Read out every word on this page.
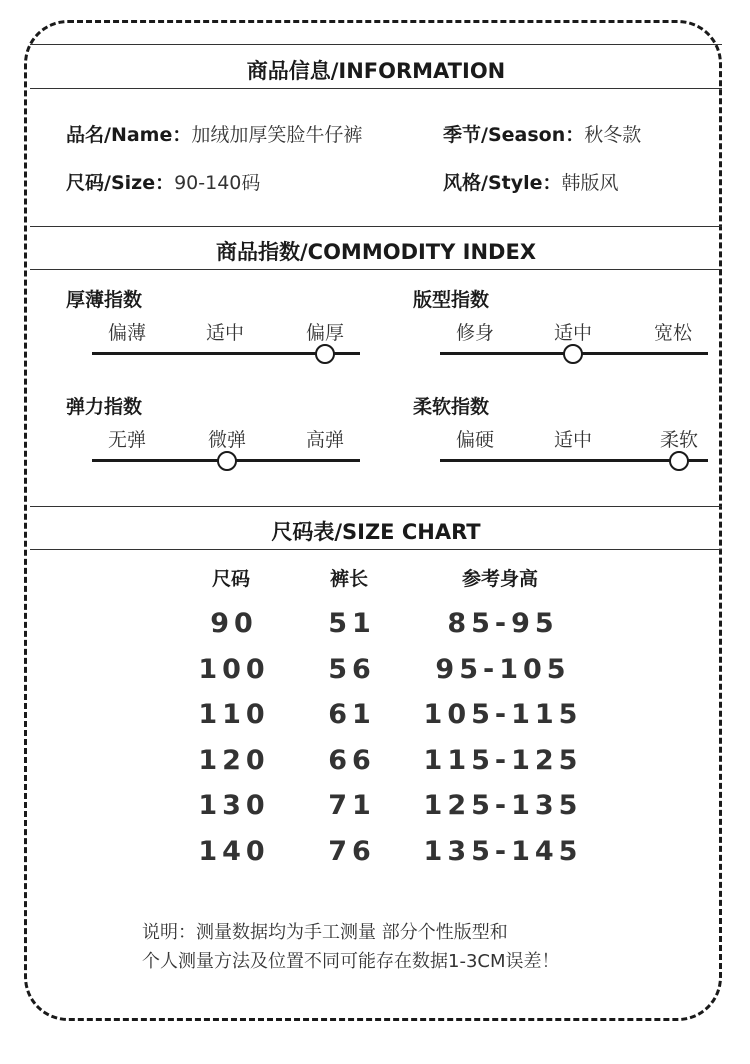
商品信息/INFORMATION
品名/Name：加绒加厚笑脸牛仔裤	季节/Season：秋冬款
尺码/Size：90-140码	风格/Style：韩版风
商品指数/COMMODITY INDEX
厚薄指数
偏薄	适中	偏厚
版型指数
修身	适中	宽松
弹力指数
无弹	微弹	高弹
柔软指数
偏硬	适中	柔软
尺码表/SIZE CHART
尺码	裤长	参考身高
90	51	85-95
100 56 95-105
110 61 105-115
120 66 115-125
130 71 125-135
140 76 135-145
说明：测量数据均为手工测量 部分个性版型和
个人测量方法及位置不同可能存在数据1-3CM误差！
